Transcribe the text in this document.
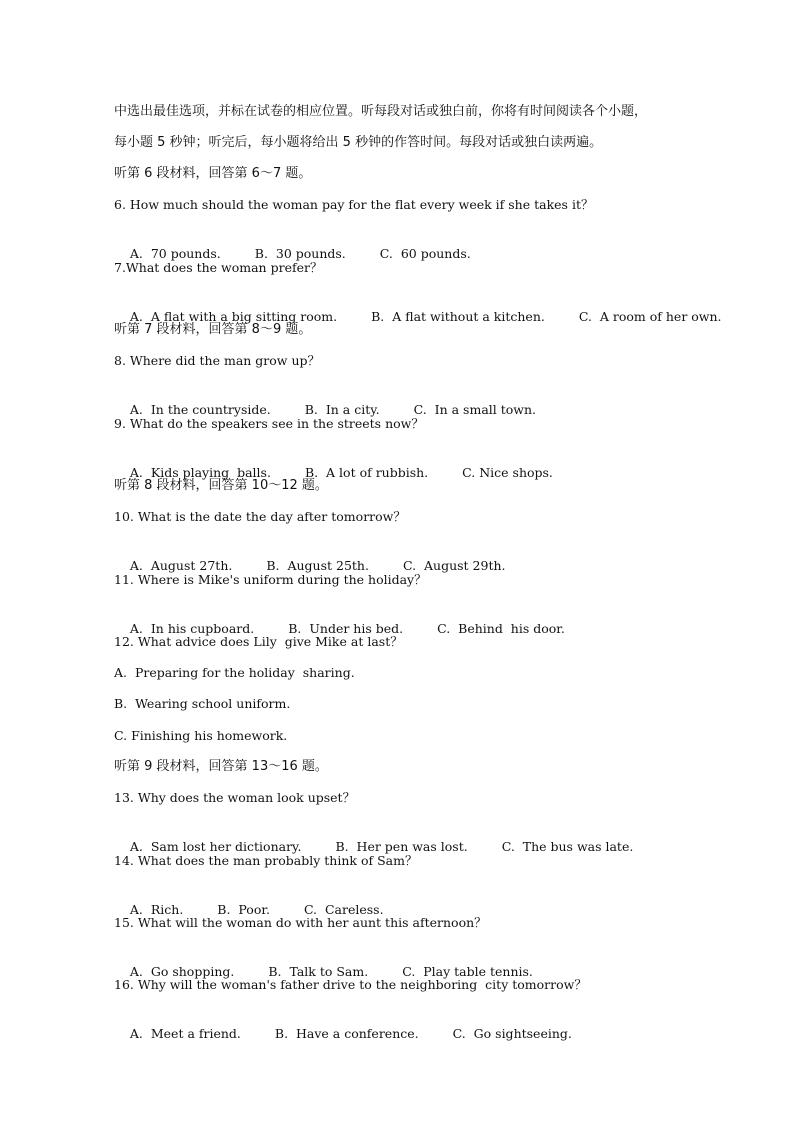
中选出最佳选项，并标在试卷的相应位置。听每段对话或独白前，你将有时间阅读各个小题，
每小题 5 秒钟；听完后，每小题将给出 5 秒钟的作答时间。每段对话或独白读两遍。
听第 6 段材料，回答第 6～7 题。
6. How much should the woman pay for the flat every week if she takes it？

A.  70 pounds.	B.  30 pounds.	C.  60 pounds.

7.What does the woman prefer？

A.  A flat with a big sitting room.	B.  A flat without a kitchen.	C.  A room of her own.

听第 7 段材料，回答第 8～9 题。
8. Where did the man grow up？

A.  In the countryside.	B.  In a city.	C.  In a small town.

9. What do the speakers see in the streets now？

A.  Kids playing  balls.	B.  A lot of rubbish.	C. Nice shops.

听第 8 段材料，回答第 10～12 题。
10. What is the date the day after tomorrow？

A.  August 27th.	B.  August 25th.	C.  August 29th.

11. Where is Mike's uniform during the holiday？

A.  In his cupboard.	B.  Under his bed.	C.  Behind  his door.

12. What advice does Lily  give Mike at last？
A.  Preparing for the holiday  sharing.
B.  Wearing school uniform.
C. Finishing his homework.
听第 9 段材料，回答第 13～16 题。
13. Why does the woman look upset？

A.  Sam lost her dictionary.	B.  Her pen was lost.	C.  The bus was late.

14. What does the man probably think of Sam？

A.  Rich.	B.  Poor.	C.  Careless.

15. What will the woman do with her aunt this afternoon？

A.  Go shopping.	B.  Talk to Sam.	C.  Play table tennis.

16. Why will the woman's father drive to the neighboring  city tomorrow？

A.  Meet a friend.	B.  Have a conference.	C.  Go sightseeing.
